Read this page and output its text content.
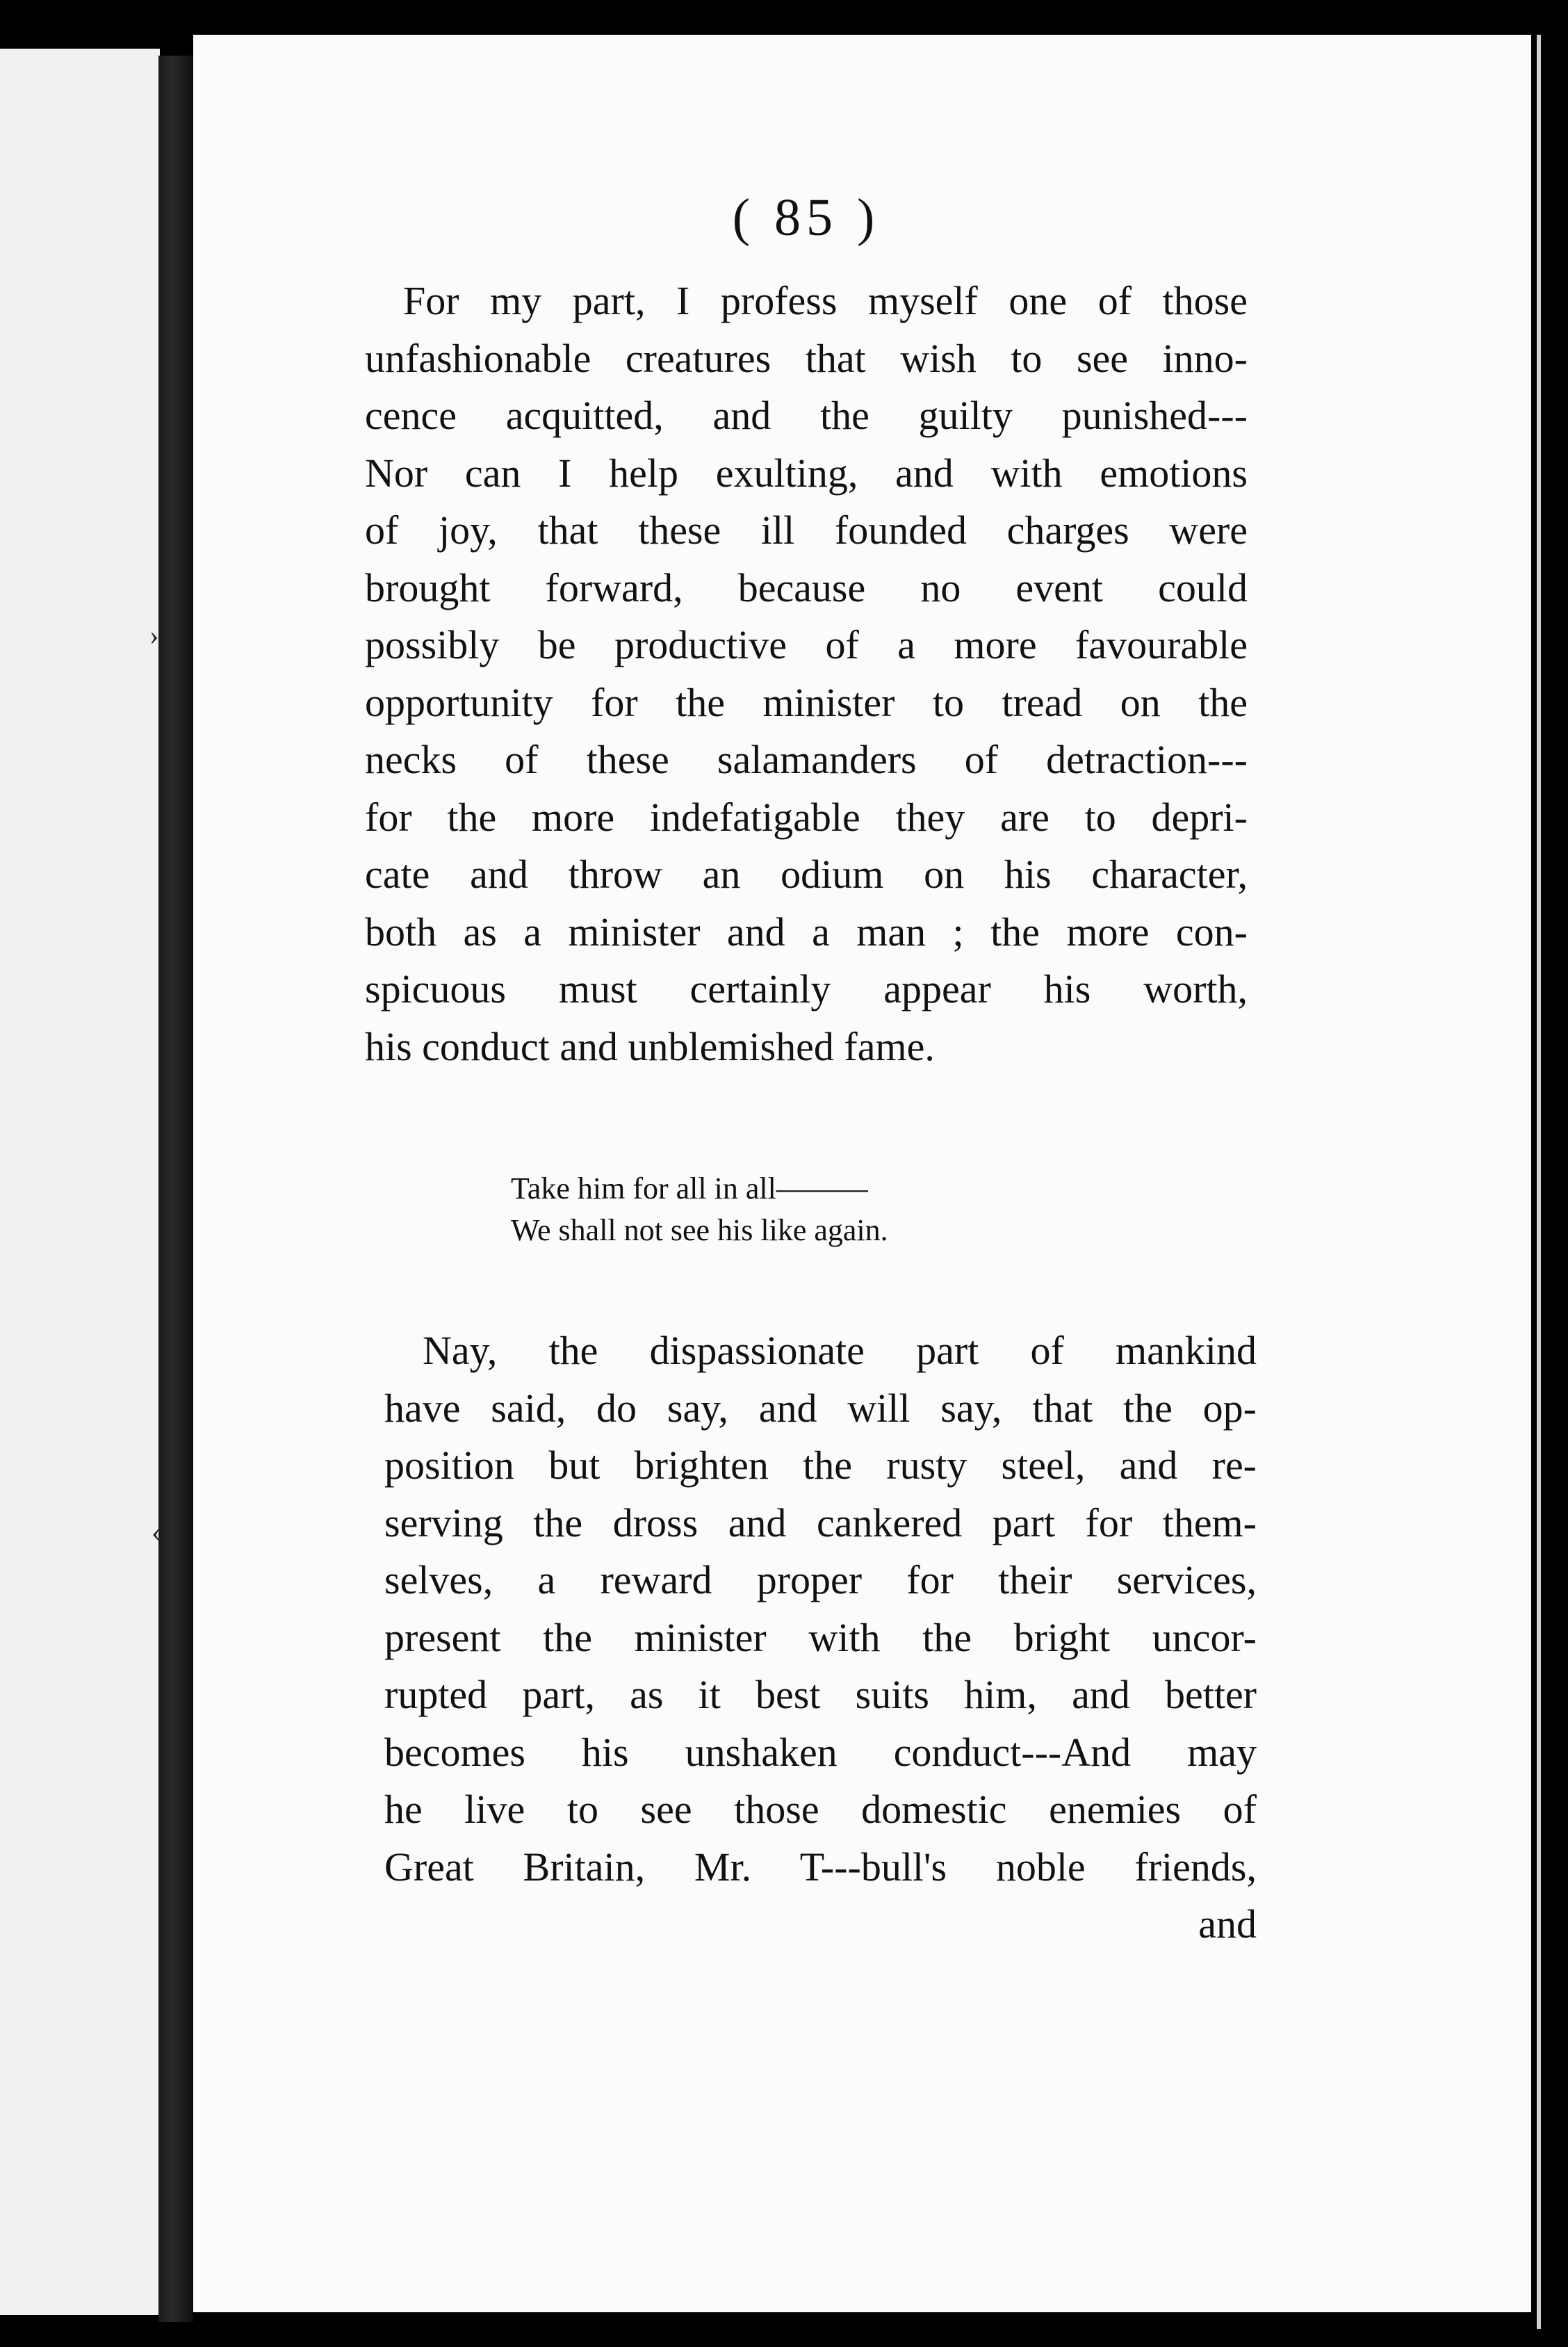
( 85 )
For my part, I profess myself one of those
unfashionable creatures that wish to see inno-
cence acquitted, and the guilty punished---
Nor can I help exulting, and with emotions
of joy, that these ill founded charges were
brought forward, because no event could
possibly be productive of a more favourable
opportunity for the minister to tread on the
necks of these salamanders of detraction---
for the more indefatigable they are to depri-
cate and throw an odium on his character,
both as a minister and a man ; the more con-
spicuous must certainly appear his worth,
his conduct and unblemished fame.
Take him for all in all———
We shall not see his like again.
Nay, the dispassionate part of mankind
have said, do say, and will say, that the op-
position but brighten the rusty steel, and re-
serving the dross and cankered part for them-
selves, a reward proper for their services,
present the minister with the bright uncor-
rupted part, as it best suits him, and better
becomes his unshaken conduct---And may
he live to see those domestic enemies of
Great Britain, Mr. T---bull's noble friends,
and
›
‹
